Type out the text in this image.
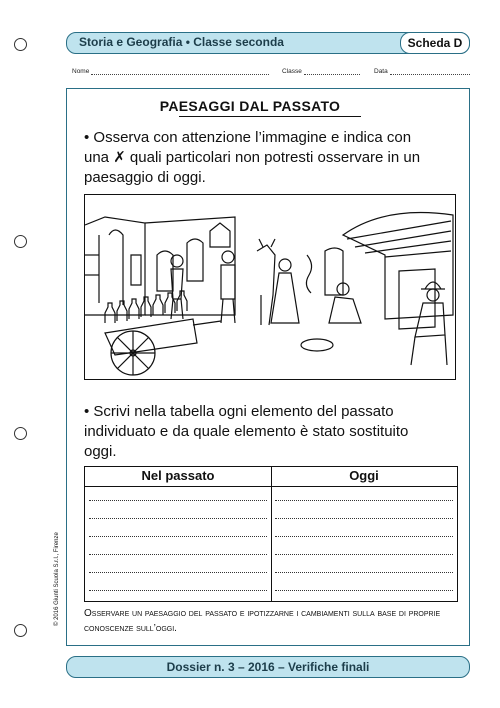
Storia e Geografia • Classe seconda	Scheda D
Nome	Classe	Data
PAESAGGI DAL PASSATO
• Osserva con attenzione l’immagine e indica con
una ✗ quali particolari non potresti osservare in un
paesaggio di oggi.
• Scrivi nella tabella ogni elemento del passato
individuato e da quale elemento è stato sostituito
oggi.
Nel passato	Oggi
Osservare un paesaggio del passato e ipotizzarne i cambiamenti sulla base di proprie conoscenze sull’oggi.
© 2016 Giunti Scuola S.r.l., Firenze
Dossier n. 3 – 2016 – Verifiche finali
